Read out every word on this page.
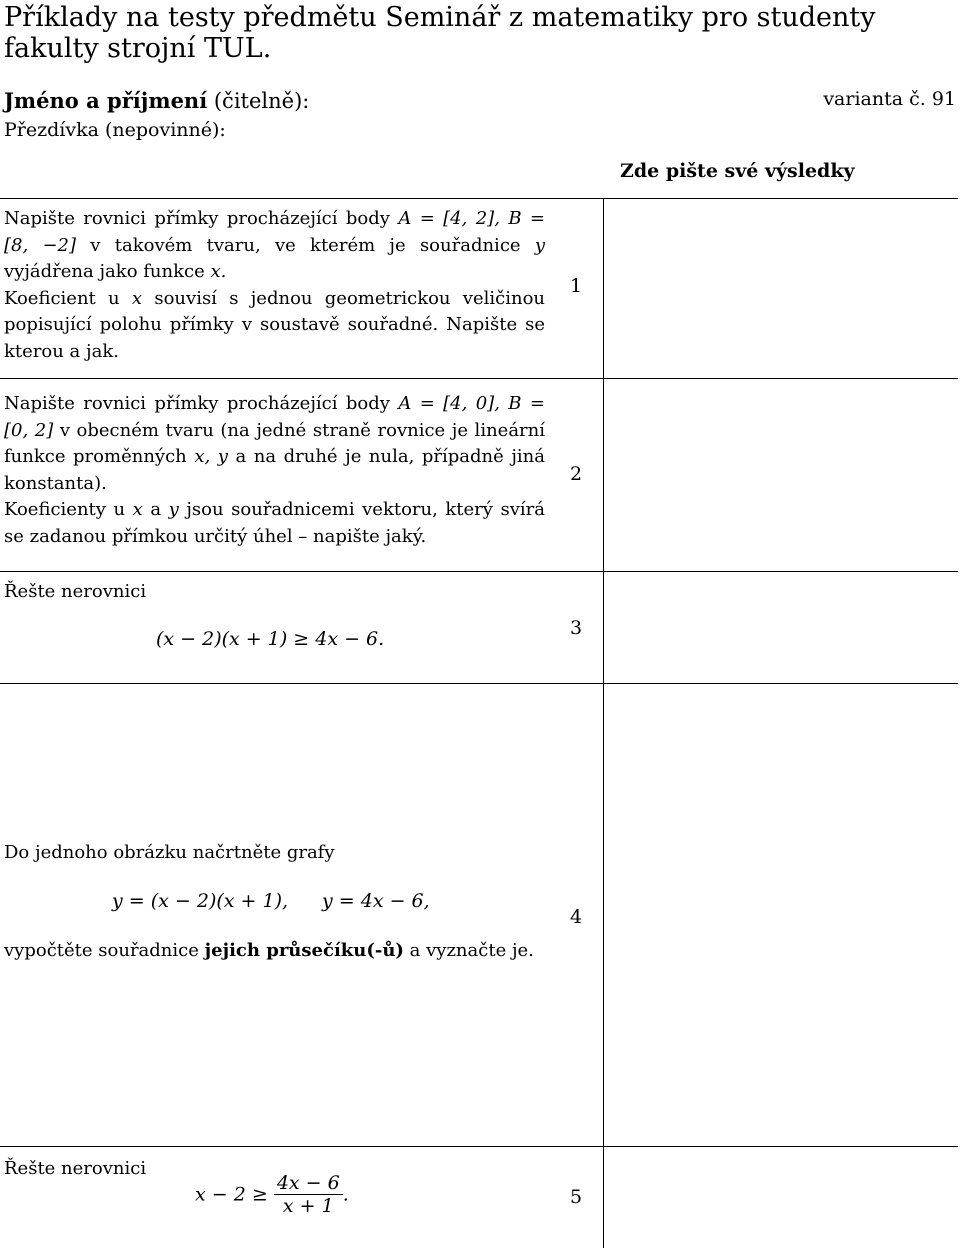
Příklady na testy předmětu Seminář z matematiky pro studenty fakulty strojní TUL.
Jméno a příjmení (čitelně):	varianta č. 91
Přezdívka (nepovinné):
Zde pište své výsledky
Napište rovnici přímky procházející body A = [4, 2], B = [8, −2] v takovém tvaru, ve kterém je souřadnice y vyjádřena jako funkce x.
Koeficient u x souvisí s jednou geometrickou veličinou popisující polohu přímky v soustavě souřadné. Napište se kterou a jak.
1
Napište rovnici přímky procházející body A = [4, 0], B = [0, 2] v obecném tvaru (na jedné straně rovnice je lineární funkce proměnných x, y a na druhé je nula, případně jiná konstanta).
Koeficienty u x a y jsou souřadnicemi vektoru, který svírá se zadanou přímkou určitý úhel – napište jaký.
2
Řešte nerovnici
(x − 2)(x + 1) ≥ 4x − 6.	3
Do jednoho obrázku načrtněte grafy
y = (x − 2)(x + 1), y = 4x − 6,
vypočtěte souřadnice jejich průsečíku(-ů) a vyznačte je.
4
Řešte nerovnici
$x - 2 \ge \frac{4x - 6}{x + 1}$ .	5
